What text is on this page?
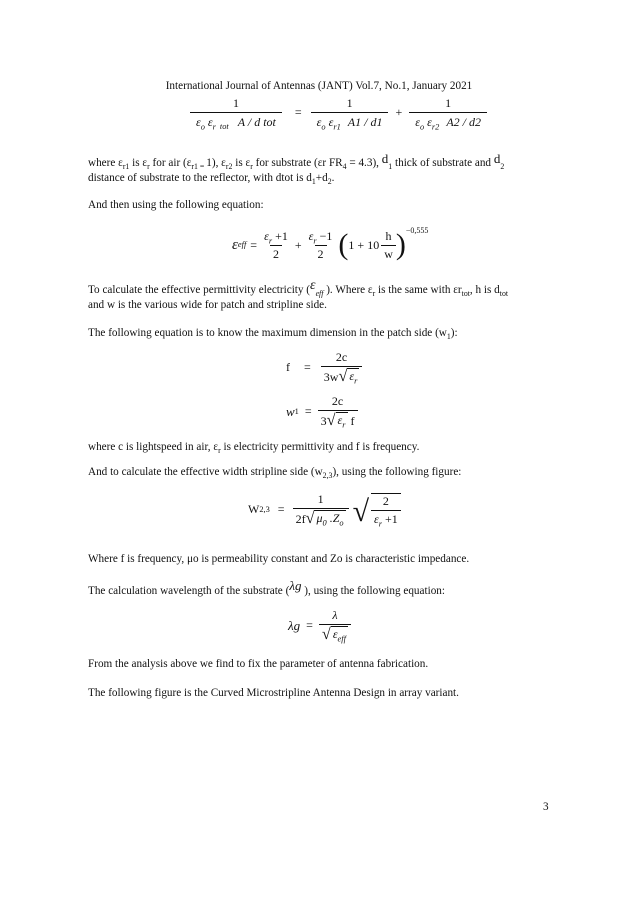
International Journal of Antennas (JANT) Vol.7, No.1, January 2021
$\frac{1}{\varepsilon_o \varepsilon_r _{tot} A / d tot} = \frac{1}{\varepsilon_o \varepsilon_{r1} A1 / d1} + \frac{1}{\varepsilon_o \varepsilon_{r2} A2 / d2}$
where $\varepsilon_{r1}$ is $\varepsilon_r$ for air ($\varepsilon_{r1 =}$ 1), $\varepsilon_{r2}$ is $\varepsilon_r$ for substrate (εr $FR_4 = 4.3$), $d_1$ thick of substrate and $d_2$
distance of substrate to the reflector, with dtot is $d_1+d_2$.
And then using the following equation:
ε eff = $\frac{\varepsilon_r +1}{2} + \frac{\varepsilon_r -1}{2}$ ( $1 + 10 \frac{h}{w}$ ) −0,555
To calculate the effective permittivity electricity ($\varepsilon_{eff}$ ). Where $\varepsilon_r$ is the same with $\varepsilon r_{tot}$, h is $d_{tot}$
and w is the various wide for patch and stripline side.
The following equation is to know the maximum dimension in the patch side $(w_1)$:
$f = \frac{2c}{3w √ \varepsilon_r}$
w $1 = \frac{2c}{3 √ \varepsilon_r f}$
where c is lightspeed in air, $\varepsilon_r$ is electricity permittivity and f is frequency.
And to calculate the effective width stripline side $(w_{2,3})$, using the following figure:
W $2,3 = \frac{1}{2f √ \mu_0 .Z_o}$ √ $\frac{2}{\varepsilon_r +1}$
Where f is frequency, μo is permeability constant and Zo is characteristic impedance.
The calculation wavelength of the substrate (λg ), using the following equation:
$\lambda g = \frac{\lambda}{√ \varepsilon_{eff}}$
From the analysis above we find to fix the parameter of antenna fabrication.
The following figure is the Curved Microstripline Antenna Design in array variant.
3
